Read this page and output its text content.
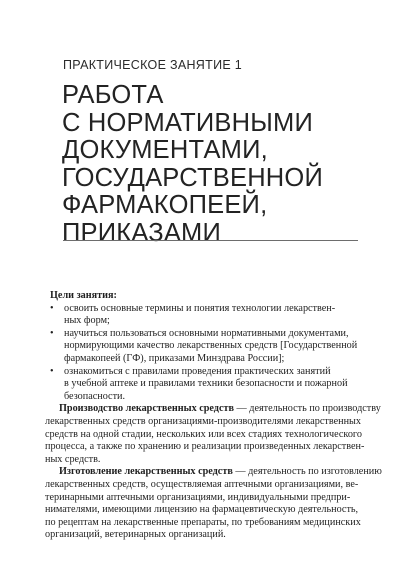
ПРАКТИЧЕСКОЕ ЗАНЯТИЕ 1
РАБОТА
С НОРМАТИВНЫМИ
ДОКУМЕНТАМИ,
ГОСУДАРСТВЕННОЙ
ФАРМАКОПЕЕЙ,
ПРИКАЗАМИ
Цели занятия:
• освоить основные термины и понятия технологии лекарствен-
ных форм;
• научиться пользоваться основными нормативными документами,
нормирующими качество лекарственных средств [Государственной
фармакопеей (ГФ), приказами Минздрава России];
• ознакомиться с правилами проведения практических занятий
в учебной аптеке и правилами техники безопасности и пожарной
безопасности.
Производство лекарственных средств — деятельность по производству
лекарственных средств организациями-производителями лекарственных
средств на одной стадии, нескольких или всех стадиях технологического
процесса, а также по хранению и реализации произведенных лекарствен-
ных средств.
Изготовление лекарственных средств — деятельность по изготовлению
лекарственных средств, осуществляемая аптечными организациями, ве-
теринарными аптечными организациями, индивидуальными предпри-
нимателями, имеющими лицензию на фармацевтическую деятельность,
по рецептам на лекарственные препараты, по требованиям медицинских
организаций, ветеринарных организаций.
